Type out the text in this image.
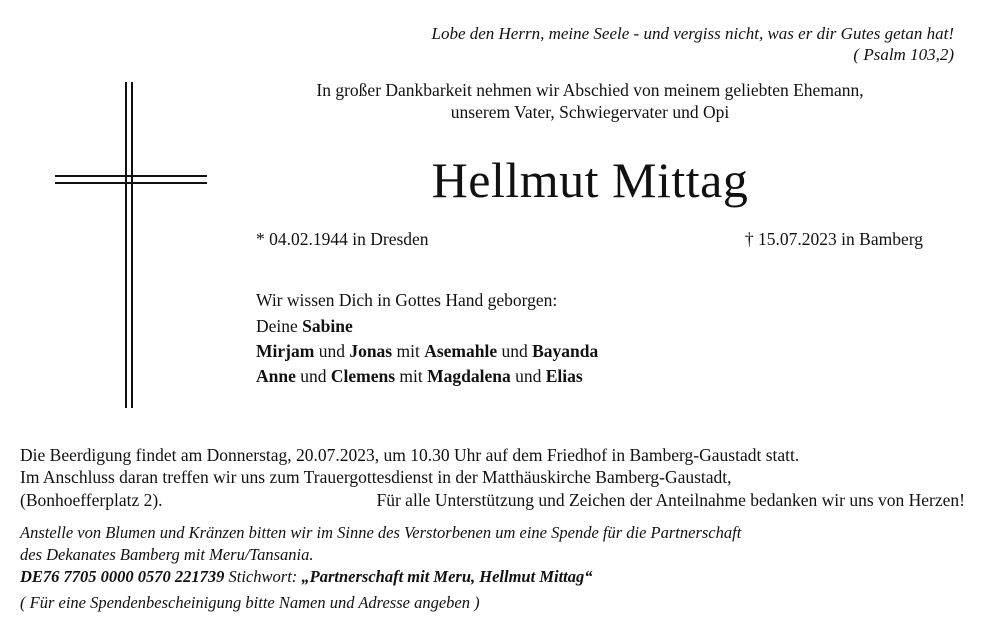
Lobe den Herrn, meine Seele - und vergiss nicht, was er dir Gutes getan hat!
( Psalm 103,2)
In großer Dankbarkeit nehmen wir Abschied von meinem geliebten Ehemann,
unserem Vater, Schwiegervater und Opi
Hellmut Mittag
* 04.02.1944 in Dresden	† 15.07.2023 in Bamberg
Wir wissen Dich in Gottes Hand geborgen:
Deine Sabine
Mirjam und Jonas mit Asemahle und Bayanda
Anne und Clemens mit Magdalena und Elias
Die Beerdigung findet am Donnerstag, 20.07.2023, um 10.30 Uhr auf dem Friedhof in Bamberg-Gaustadt statt.
Im Anschluss daran treffen wir uns zum Trauergottesdienst in der Matthäuskirche Bamberg-Gaustadt,
(Bonhoefferplatz 2).	Für alle Unterstützung und Zeichen der Anteilnahme bedanken wir uns von Herzen!
Anstelle von Blumen und Kränzen bitten wir im Sinne des Verstorbenen um eine Spende für die Partnerschaft
des Dekanates Bamberg mit Meru/Tansania.
DE76 7705 0000 0570 221739 Stichwort: „Partnerschaft mit Meru, Hellmut Mittag“
( Für eine Spendenbescheinigung bitte Namen und Adresse angeben )
